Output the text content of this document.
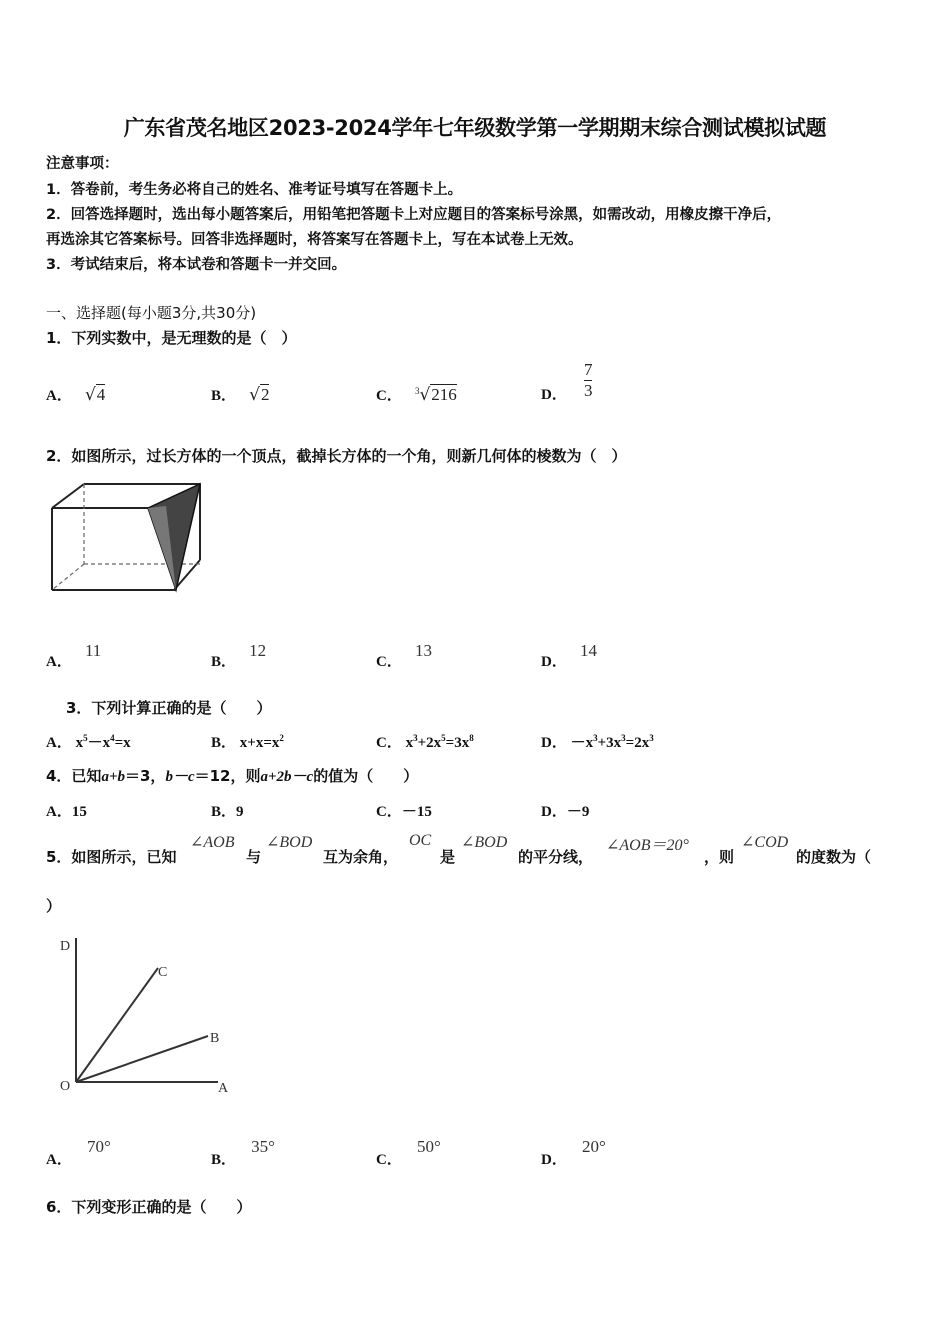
广东省茂名地区2023-2024学年七年级数学第一学期期末综合测试模拟试题
注意事项：
1．答卷前，考生务必将自己的姓名、准考证号填写在答题卡上。
2．回答选择题时，选出每小题答案后，用铅笔把答题卡上对应题目的答案标号涂黑，如需改动，用橡皮擦干净后，
再选涂其它答案标号。回答非选择题时，将答案写在答题卡上，写在本试卷上无效。
3．考试结束后，将本试卷和答题卡一并交回。
一、选择题(每小题3分,共30分)
1．下列实数中，是无理数的是（　）
A． √4	B． √2	C． $^3$√216	D． $\frac{7}{3}$
2．如图所示，过长方体的一个顶点，截掉长方体的一个角，则新几何体的棱数为（　）
A． 11
B． 12
C． 13
D． 14
3．下列计算正确的是（　　）
A． $x^5-x^4=x$	B． $x+x=x^2$	C． $x^3+2x^5=3x^8$	D． $-x^3+3x^3=2x^3$
4．已知a+b＝3，b－c＝12，则a+2b－c的值为（　　）
A．15	B．9	C．－15	D．－9
5．如图所示，已知
∠AOB
与
∠BOD
互为余角，
OC
是
∠BOD
的平分线，
∠AOB＝20°
，则
∠COD
的度数为（
）
D
C
B
O	A
A． 70°
B． 35°
C． 50°
D． 20°
6．下列变形正确的是（　　）
